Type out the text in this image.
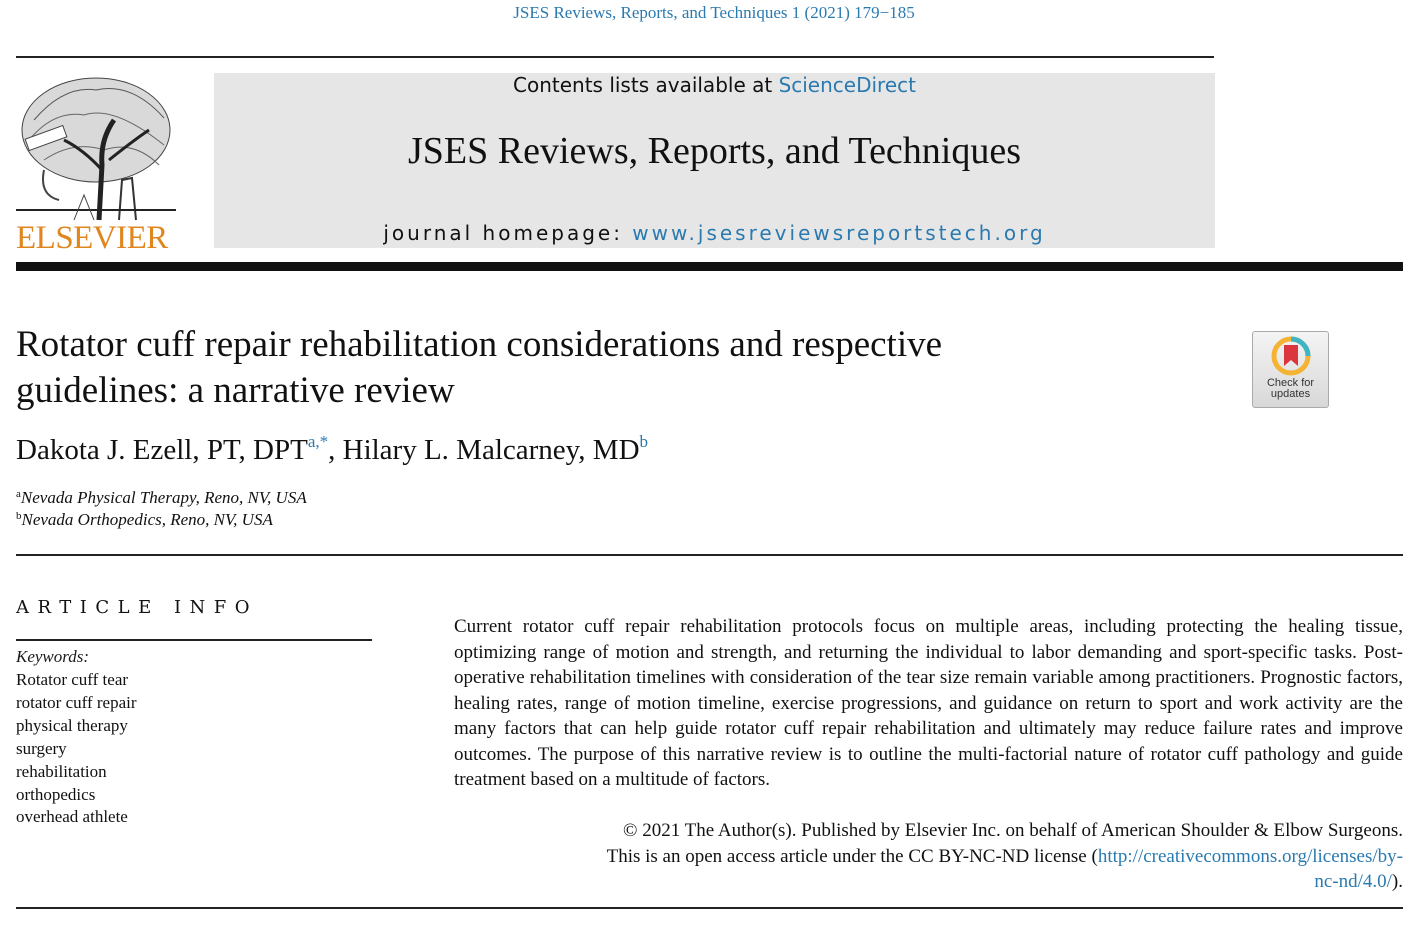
JSES Reviews, Reports, and Techniques 1 (2021) 179−185
ELSEVIER
Contents lists available at ScienceDirect
JSES Reviews, Reports, and Techniques
journal homepage: www.jsesreviewsreportstech.org
Rotator cuff repair rehabilitation considerations and respective
guidelines: a narrative review	Check for
updates
Dakota J. Ezell, PT, $DPT^{a,*}$, Hilary L. Malcarney, $MD^b$
$^a$Nevada Physical Therapy, Reno, NV, USA
$^b$Nevada Orthopedics, Reno, NV, USA
ARTICLE INFO
Keywords:
Rotator cuff tear
rotator cuff repair
physical therapy
surgery
rehabilitation
orthopedics
overhead athlete
Current rotator cuff repair rehabilitation protocols focus on multiple areas, including protecting the healing tissue, optimizing range of motion and strength, and returning the individual to labor demanding and sport-specific tasks. Post-operative rehabilitation timelines with consideration of the tear size remain variable among practitioners. Prognostic factors, healing rates, range of motion timeline, exercise progressions, and guidance on return to sport and work activity are the many factors that can help guide rotator cuff repair rehabilitation and ultimately may reduce failure rates and improve outcomes. The purpose of this narrative review is to outline the multi-factorial nature of rotator cuff pathology and guide treatment based on a multitude of factors.
© 2021 The Author(s). Published by Elsevier Inc. on behalf of American Shoulder & Elbow Surgeons.
This is an open access article under the CC BY-NC-ND license (http://creativecommons.org/licenses/by-
nc-nd/4.0/).
